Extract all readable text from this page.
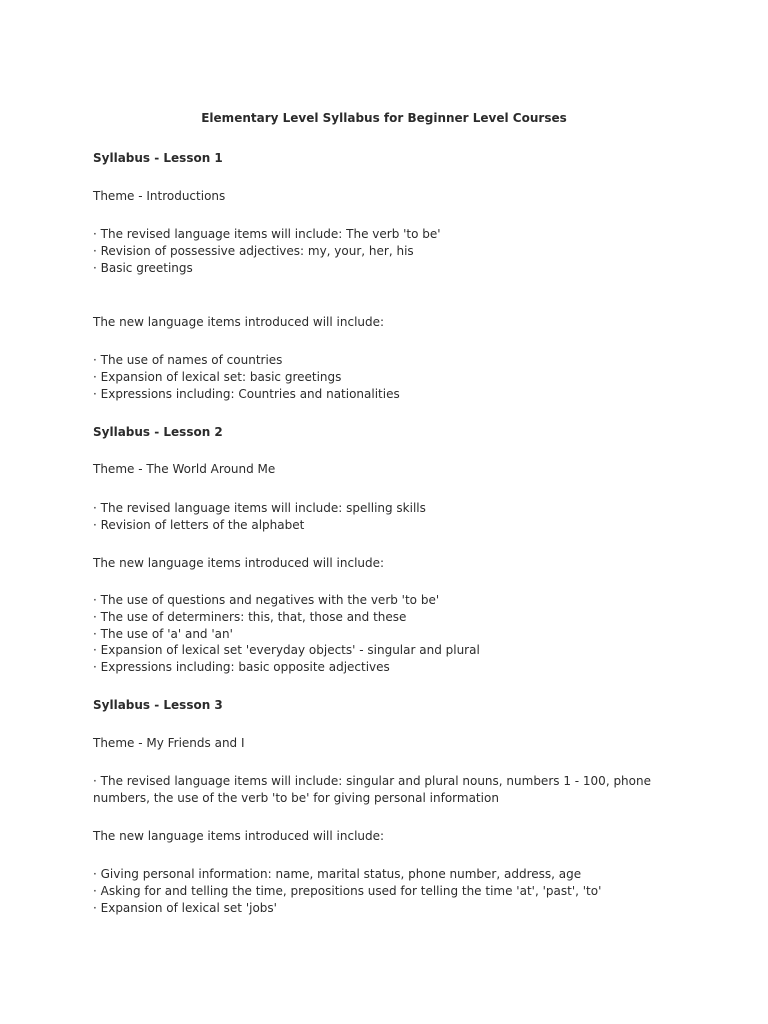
Elementary Level Syllabus for Beginner Level Courses
Syllabus - Lesson 1
Theme - Introductions
· The revised language items will include: The verb 'to be'
· Revision of possessive adjectives: my, your, her, his
· Basic greetings
The new language items introduced will include:
· The use of names of countries
· Expansion of lexical set: basic greetings
· Expressions including: Countries and nationalities
Syllabus - Lesson 2
Theme - The World Around Me
· The revised language items will include: spelling skills
· Revision of letters of the alphabet
The new language items introduced will include:
· The use of questions and negatives with the verb 'to be'
· The use of determiners: this, that, those and these
· The use of 'a' and 'an'
· Expansion of lexical set 'everyday objects' - singular and plural
· Expressions including: basic opposite adjectives
Syllabus - Lesson 3
Theme - My Friends and I
· The revised language items will include: singular and plural nouns, numbers 1 - 100, phone numbers, the use of the verb 'to be' for giving personal information
The new language items introduced will include:
· Giving personal information: name, marital status, phone number, address, age
· Asking for and telling the time, prepositions used for telling the time 'at', 'past', 'to'
· Expansion of lexical set 'jobs'
